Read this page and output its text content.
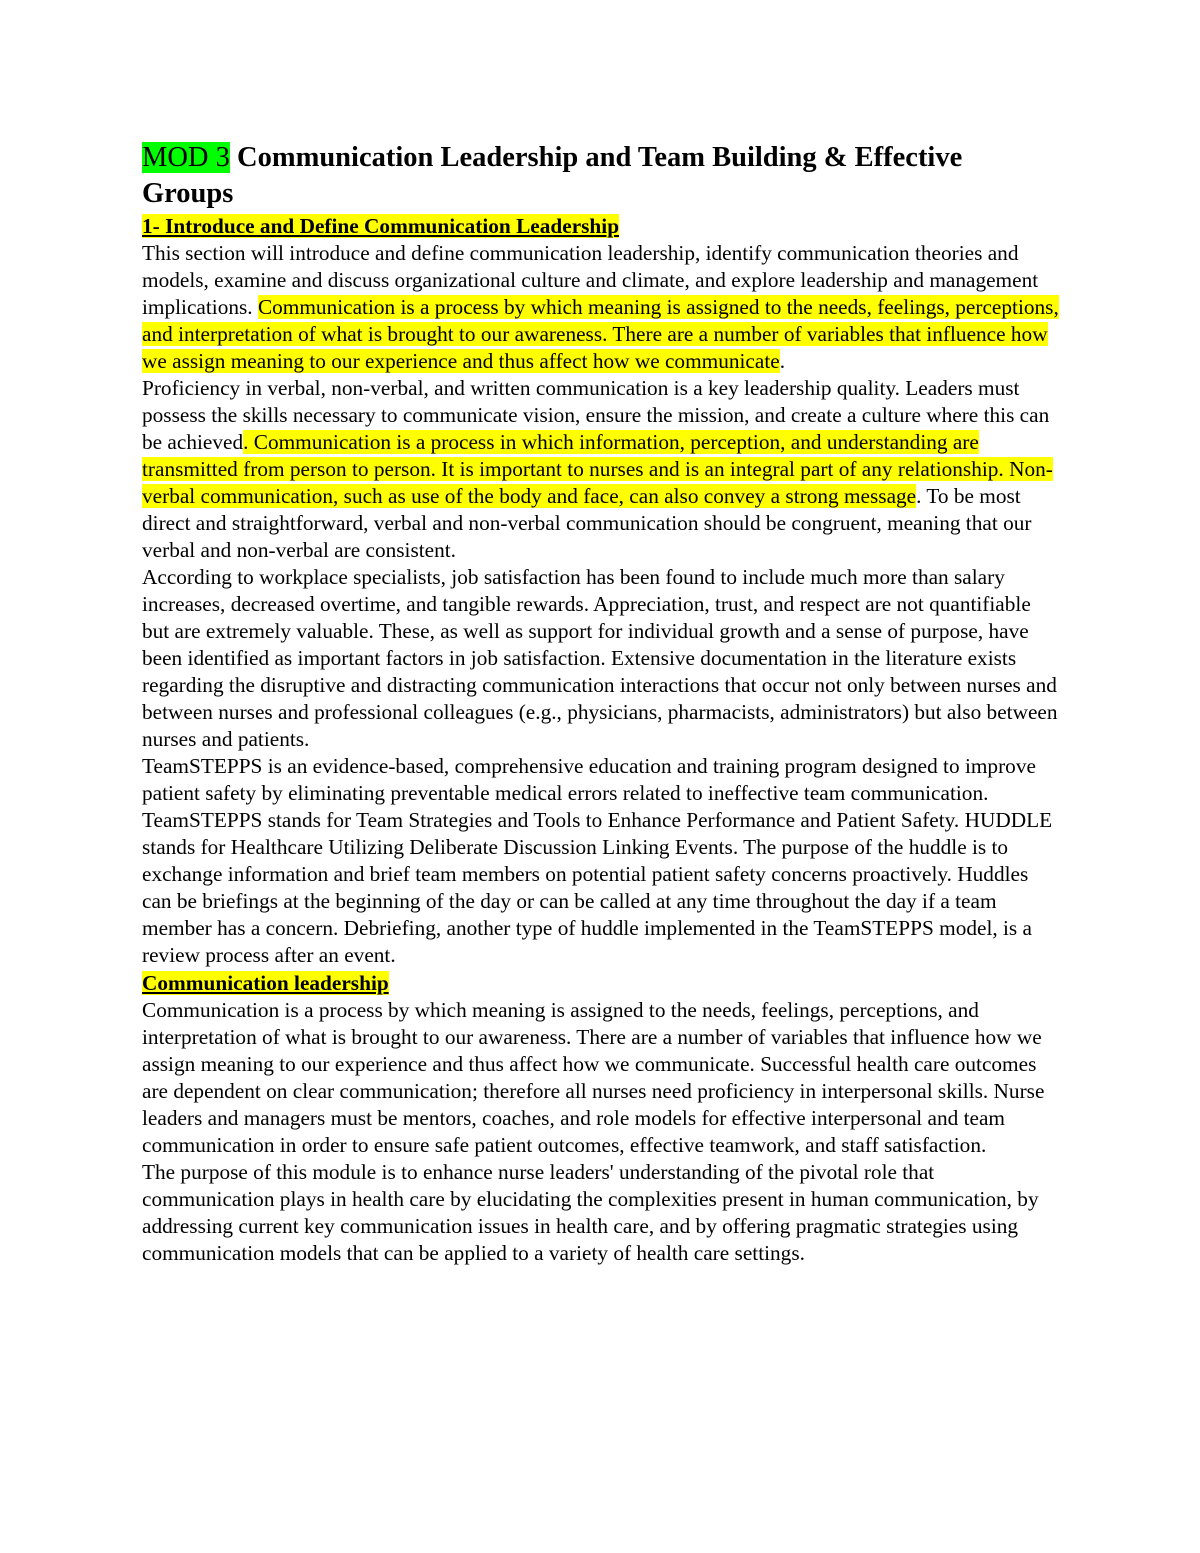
MOD 3 Communication Leadership and Team Building & Effective Groups
1- Introduce and Define Communication Leadership

This section will introduce and define communication leadership, identify communication theories and models, examine and discuss organizational culture and climate, and explore leadership and management implications. Communication is a process by which meaning is assigned to the needs, feelings, perceptions, and interpretation of what is brought to our awareness. There are a number of variables that influence how we assign meaning to our experience and thus affect how we communicate.

Proficiency in verbal, non-verbal, and written communication is a key leadership quality. Leaders must possess the skills necessary to communicate vision, ensure the mission, and create a culture where this can be achieved. Communication is a process in which information, perception, and understanding are transmitted from person to person. It is important to nurses and is an integral part of any relationship. Non-verbal communication, such as use of the body and face, can also convey a strong message. To be most direct and straightforward, verbal and non-verbal communication should be congruent, meaning that our verbal and non-verbal are consistent.

According to workplace specialists, job satisfaction has been found to include much more than salary increases, decreased overtime, and tangible rewards. Appreciation, trust, and respect are not quantifiable but are extremely valuable. These, as well as support for individual growth and a sense of purpose, have been identified as important factors in job satisfaction. Extensive documentation in the literature exists regarding the disruptive and distracting communication interactions that occur not only between nurses and between nurses and professional colleagues (e.g., physicians, pharmacists, administrators) but also between nurses and patients.

TeamSTEPPS is an evidence-based, comprehensive education and training program designed to improve patient safety by eliminating preventable medical errors related to ineffective team communication. TeamSTEPPS stands for Team Strategies and Tools to Enhance Performance and Patient Safety. HUDDLE stands for Healthcare Utilizing Deliberate Discussion Linking Events. The purpose of the huddle is to exchange information and brief team members on potential patient safety concerns proactively. Huddles can be briefings at the beginning of the day or can be called at any time throughout the day if a team member has a concern. Debriefing, another type of huddle implemented in the TeamSTEPPS model, is a review process after an event.

Communication leadership

Communication is a process by which meaning is assigned to the needs, feelings, perceptions, and interpretation of what is brought to our awareness. There are a number of variables that influence how we assign meaning to our experience and thus affect how we communicate. Successful health care outcomes are dependent on clear communication; therefore all nurses need proficiency in interpersonal skills. Nurse leaders and managers must be mentors, coaches, and role models for effective interpersonal and team communication in order to ensure safe patient outcomes, effective teamwork, and staff satisfaction.

The purpose of this module is to enhance nurse leaders' understanding of the pivotal role that communication plays in health care by elucidating the complexities present in human communication, by addressing current key communication issues in health care, and by offering pragmatic strategies using communication models that can be applied to a variety of health care settings.
